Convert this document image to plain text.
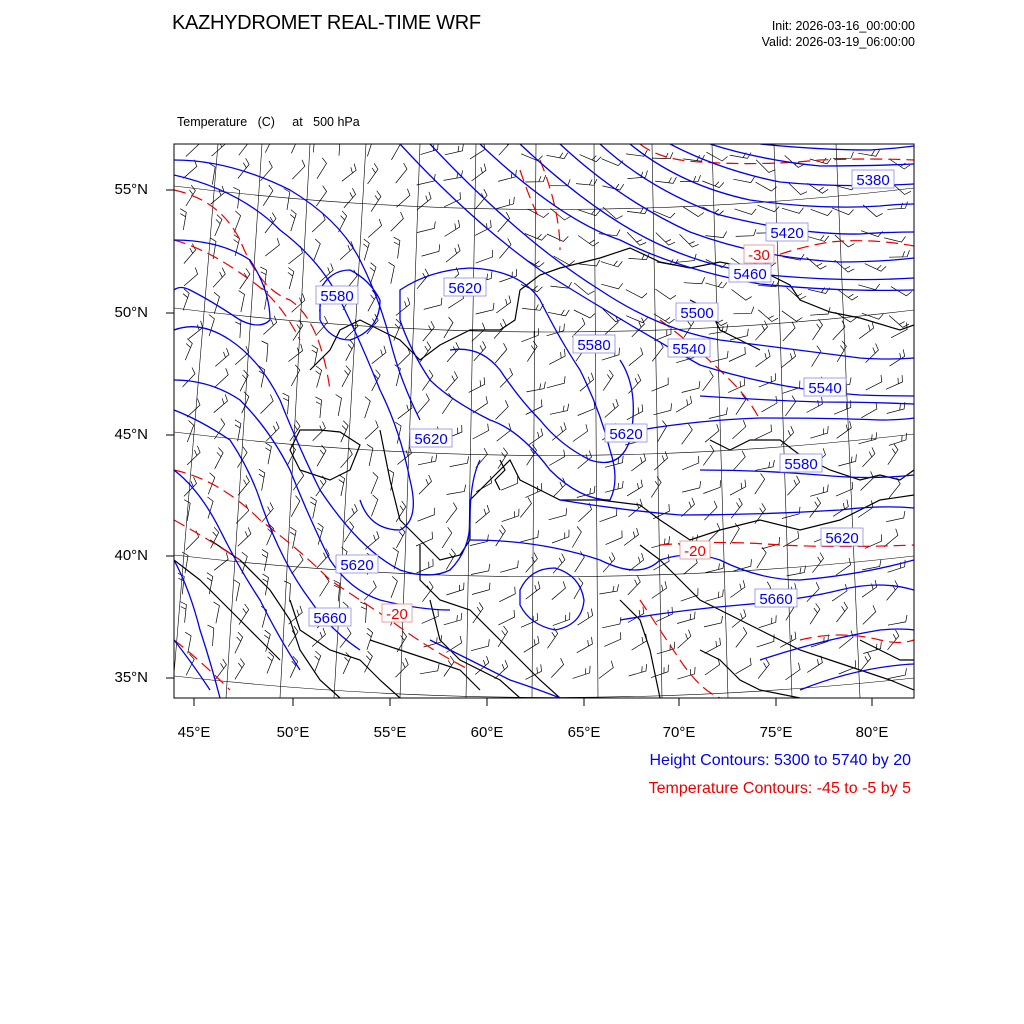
KAZHYDROMET REAL-TIME WRF	Init: 2026-03-16_00:00:00
Valid: 2026-03-19_06:00:00

Temperature   (C)     at   500 hPa

5380
5420
5460
5500
5540
5540
5580
5580
5580
5620
5620	5620
5620
5620
5660
5660
-30
-20
-20
55°N
50°N
45°N
40°N
35°N
45°E	50°E	55°E	60°E	65°E	70°E	75°E	80°E
Height Contours: 5300 to 5740 by 20
Temperature Contours: -45 to -5 by 5
